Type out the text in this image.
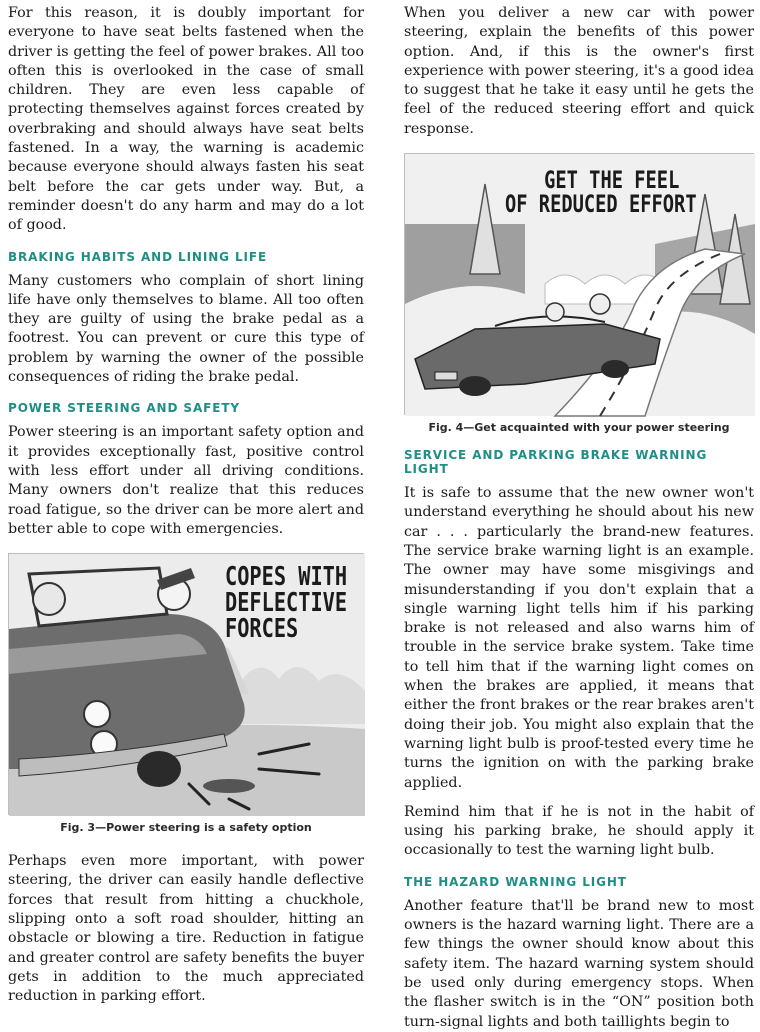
For this reason, it is doubly important for everyone to have seat belts fastened when the driver is getting the feel of power brakes. All too often this is overlooked in the case of small children. They are even less capable of protecting themselves against forces created by overbraking and should always have seat belts fastened. In a way, the warning is academic because everyone should always fasten his seat belt before the car gets under way. But, a reminder doesn't do any harm and may do a lot of good.

BRAKING HABITS AND LINING LIFE

Many customers who complain of short lining life have only themselves to blame. All too often they are guilty of using the brake pedal as a footrest. You can prevent or cure this type of problem by warning the owner of the possible consequences of riding the brake pedal.

POWER STEERING AND SAFETY

Power steering is an important safety option and it provides exceptionally fast, positive control with less effort under all driving conditions. Many owners don't realize that this reduces road fatigue, so the driver can be more alert and better able to cope with emergencies.

COPES WITH
DEFLECTIVE
FORCES
Fig. 3—Power steering is a safety option

Perhaps even more important, with power steering, the driver can easily handle deflective forces that result from hitting a chuckhole, slipping onto a soft road shoulder, hitting an obstacle or blowing a tire. Reduction in fatigue and greater control are safety benefits the buyer gets in addition to the much appreciated reduction in parking effort.

When you deliver a new car with power steering, explain the benefits of this power option. And, if this is the owner's first experience with power steering, it's a good idea to suggest that he take it easy until he gets the feel of the reduced steering effort and quick response.

GET THE FEEL
OF REDUCED EFFORT
Fig. 4—Get acquainted with your power steering
SERVICE AND PARKING BRAKE WARNING LIGHT

It is safe to assume that the new owner won't understand everything he should about his new car . . . particularly the brand-new features. The service brake warning light is an example. The owner may have some misgivings and misunderstanding if you don't explain that a single warning light tells him if his parking brake is not released and also warns him of trouble in the service brake system. Take time to tell him that if the warning light comes on when the brakes are applied, it means that either the front brakes or the rear brakes aren't doing their job. You might also explain that the warning light bulb is proof-tested every time he turns the ignition on with the parking brake applied.

Remind him that if he is not in the habit of using his parking brake, he should apply it occasionally to test the warning light bulb.

THE HAZARD WARNING LIGHT

Another feature that'll be brand new to most owners is the hazard warning light. There are a few things the owner should know about this safety item. The hazard warning system should be used only during emergency stops. When the flasher switch is in the “ON” position both turn-signal lights and both taillights begin to
